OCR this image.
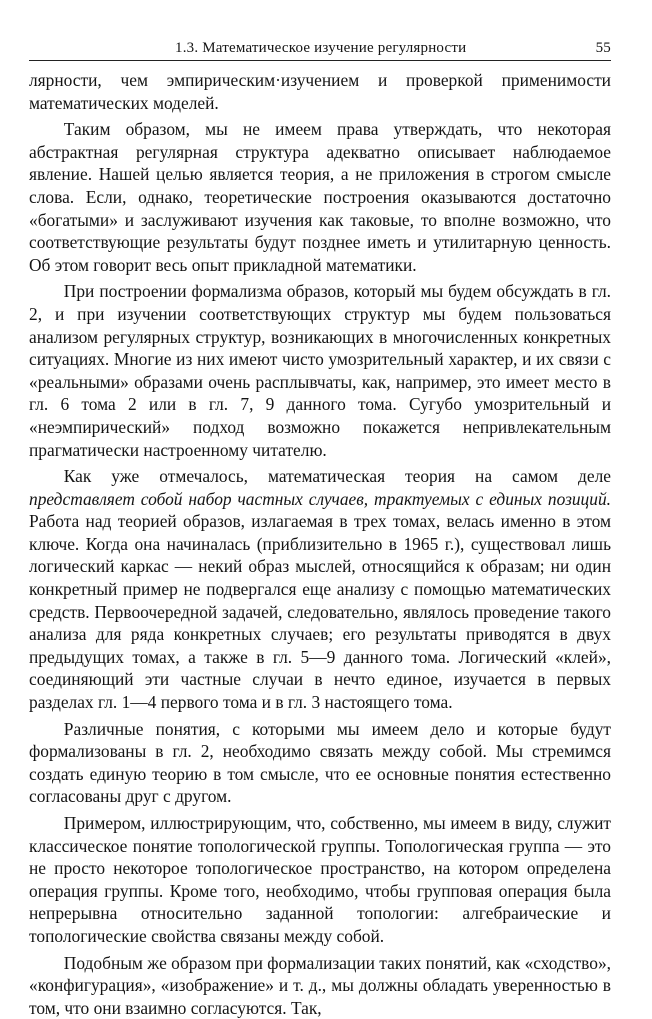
1.3. Математическое изучение регулярности	55

лярности, чем эмпирическим·изучением и проверкой применимости математических моделей.

Таким образом, мы не имеем права утверждать, что некоторая абстрактная регулярная структура адекватно описывает наблюдаемое явление. Нашей целью является теория, а не приложения в строгом смысле слова. Если, однако, теоретические построения оказываются достаточно «богатыми» и заслуживают изучения как таковые, то вполне возможно, что соответствующие результаты будут позднее иметь и утилитарную ценность. Об этом говорит весь опыт прикладной математики.

При построении формализма образов, который мы будем обсуждать в гл. 2, и при изучении соответствующих структур мы будем пользоваться анализом регулярных структур, возникающих в многочисленных конкретных ситуациях. Многие из них имеют чисто умозрительный характер, и их связи с «реальными» образами очень расплывчаты, как, например, это имеет место в гл. 6 тома 2 или в гл. 7, 9 данного тома. Сугубо умозрительный и «неэмпирический» подход возможно покажется непривлекательным прагматически настроенному читателю.

Как уже отмечалось, математическая теория на самом деле представляет собой набор частных случаев, трактуемых с единых позиций. Работа над теорией образов, излагаемая в трех томах, велась именно в этом ключе. Когда она начиналась (приблизительно в 1965 г.), существовал лишь логический каркас — некий образ мыслей, относящийся к образам; ни один конкретный пример не подвергался еще анализу с помощью математических средств. Первоочередной задачей, следовательно, являлось проведение такого анализа для ряда конкретных случаев; его результаты приводятся в двух предыдущих томах, а также в гл. 5—9 данного тома. Логический «клей», соединяющий эти частные случаи в нечто единое, изучается в первых разделах гл. 1—4 первого тома и в гл. 3 настоящего тома.

Различные понятия, с которыми мы имеем дело и которые будут формализованы в гл. 2, необходимо связать между собой. Мы стремимся создать единую теорию в том смысле, что ее основные понятия естественно согласованы друг с другом.

Примером, иллюстрирующим, что, собственно, мы имеем в виду, служит классическое понятие топологической группы. Топологическая группа — это не просто некоторое топологическое пространство, на котором определена операция группы. Кроме того, необходимо, чтобы групповая операция была непрерывна относительно заданной топологии: алгебраические и топологические свойства связаны между собой.

Подобным же образом при формализации таких понятий, как «сходство», «конфигурация», «изображение» и т. д., мы должны обладать уверенностью в том, что они взаимно согласуются. Так,
